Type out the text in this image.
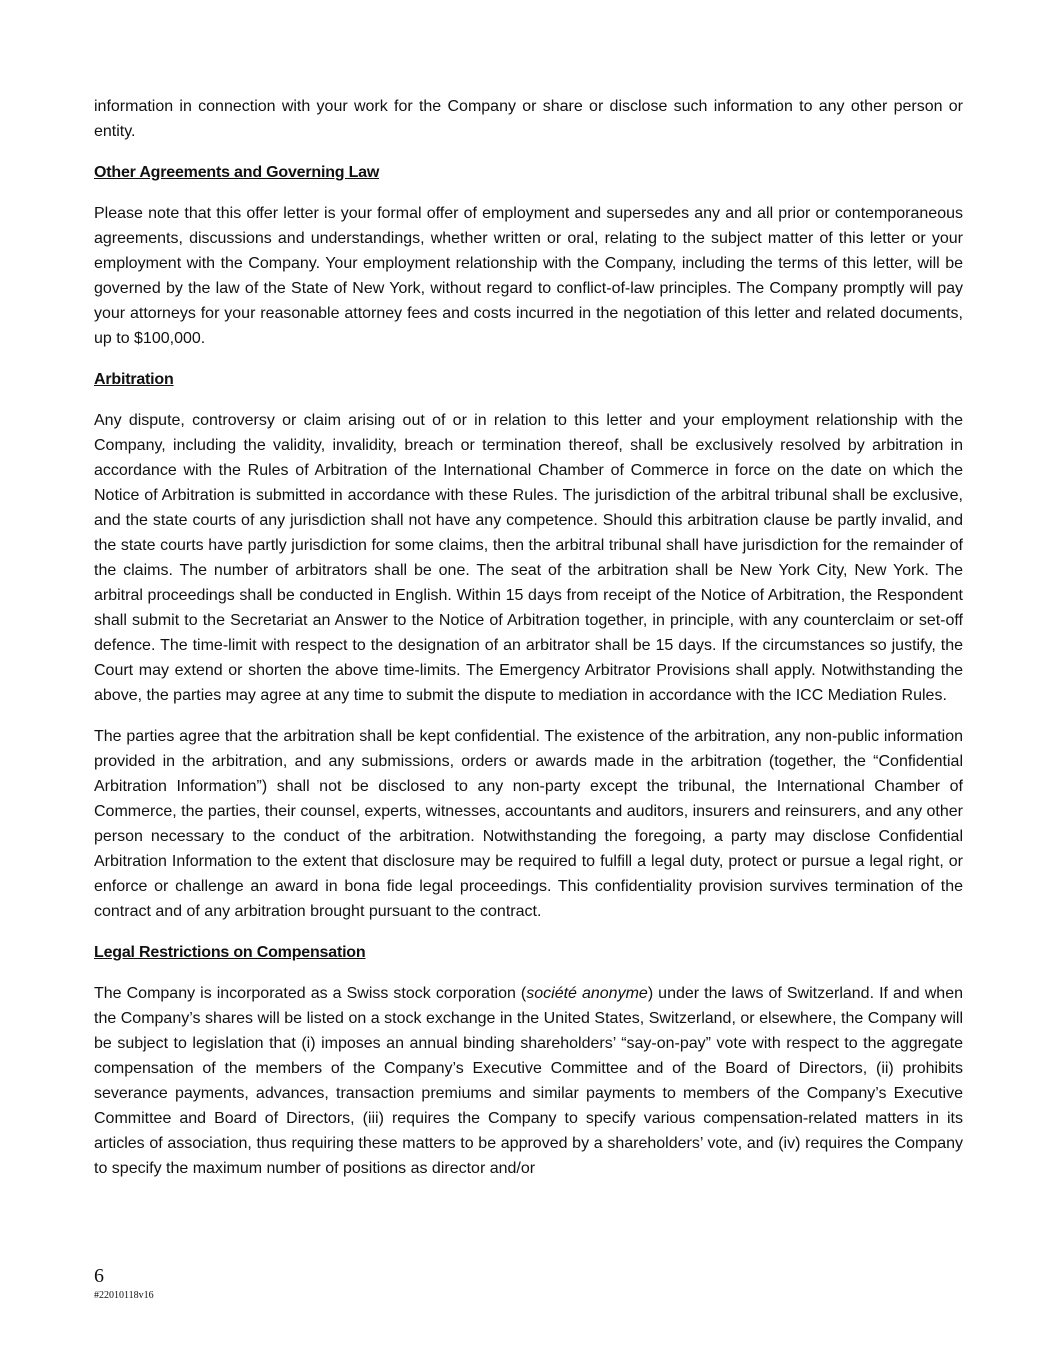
information in connection with your work for the Company or share or disclose such information to any other person or entity.

Other Agreements and Governing Law

Please note that this offer letter is your formal offer of employment and supersedes any and all prior or contemporaneous agreements, discussions and understandings, whether written or oral, relating to the subject matter of this letter or your employment with the Company. Your employment relationship with the Company, including the terms of this letter, will be governed by the law of the State of New York, without regard to conflict-of-law principles. The Company promptly will pay your attorneys for your reasonable attorney fees and costs incurred in the negotiation of this letter and related documents, up to $100,000.

Arbitration

Any dispute, controversy or claim arising out of or in relation to this letter and your employment relationship with the Company, including the validity, invalidity, breach or termination thereof, shall be exclusively resolved by arbitration in accordance with the Rules of Arbitration of the International Chamber of Commerce in force on the date on which the Notice of Arbitration is submitted in accordance with these Rules. The jurisdiction of the arbitral tribunal shall be exclusive, and the state courts of any jurisdiction shall not have any competence. Should this arbitration clause be partly invalid, and the state courts have partly jurisdiction for some claims, then the arbitral tribunal shall have jurisdiction for the remainder of the claims. The number of arbitrators shall be one. The seat of the arbitration shall be New York City, New York. The arbitral proceedings shall be conducted in English. Within 15 days from receipt of the Notice of Arbitration, the Respondent shall submit to the Secretariat an Answer to the Notice of Arbitration together, in principle, with any counterclaim or set-off defence. The time-limit with respect to the designation of an arbitrator shall be 15 days. If the circumstances so justify, the Court may extend or shorten the above time-limits. The Emergency Arbitrator Provisions shall apply. Notwithstanding the above, the parties may agree at any time to submit the dispute to mediation in accordance with the ICC Mediation Rules.

The parties agree that the arbitration shall be kept confidential. The existence of the arbitration, any non-public information provided in the arbitration, and any submissions, orders or awards made in the arbitration (together, the “Confidential Arbitration Information”) shall not be disclosed to any non-party except the tribunal, the International Chamber of Commerce, the parties, their counsel, experts, witnesses, accountants and auditors, insurers and reinsurers, and any other person necessary to the conduct of the arbitration. Notwithstanding the foregoing, a party may disclose Confidential Arbitration Information to the extent that disclosure may be required to fulfill a legal duty, protect or pursue a legal right, or enforce or challenge an award in bona fide legal proceedings. This confidentiality provision survives termination of the contract and of any arbitration brought pursuant to the contract.

Legal Restrictions on Compensation

The Company is incorporated as a Swiss stock corporation (société anonyme) under the laws of Switzerland. If and when the Company’s shares will be listed on a stock exchange in the United States, Switzerland, or elsewhere, the Company will be subject to legislation that (i) imposes an annual binding shareholders’ “say-on-pay” vote with respect to the aggregate compensation of the members of the Company’s Executive Committee and of the Board of Directors, (ii) prohibits severance payments, advances, transaction premiums and similar payments to members of the Company’s Executive Committee and Board of Directors, (iii) requires the Company to specify various compensation-related matters in its articles of association, thus requiring these matters to be approved by a shareholders’ vote, and (iv) requires the Company to specify the maximum number of positions as director and/or

6
#22010118v16
